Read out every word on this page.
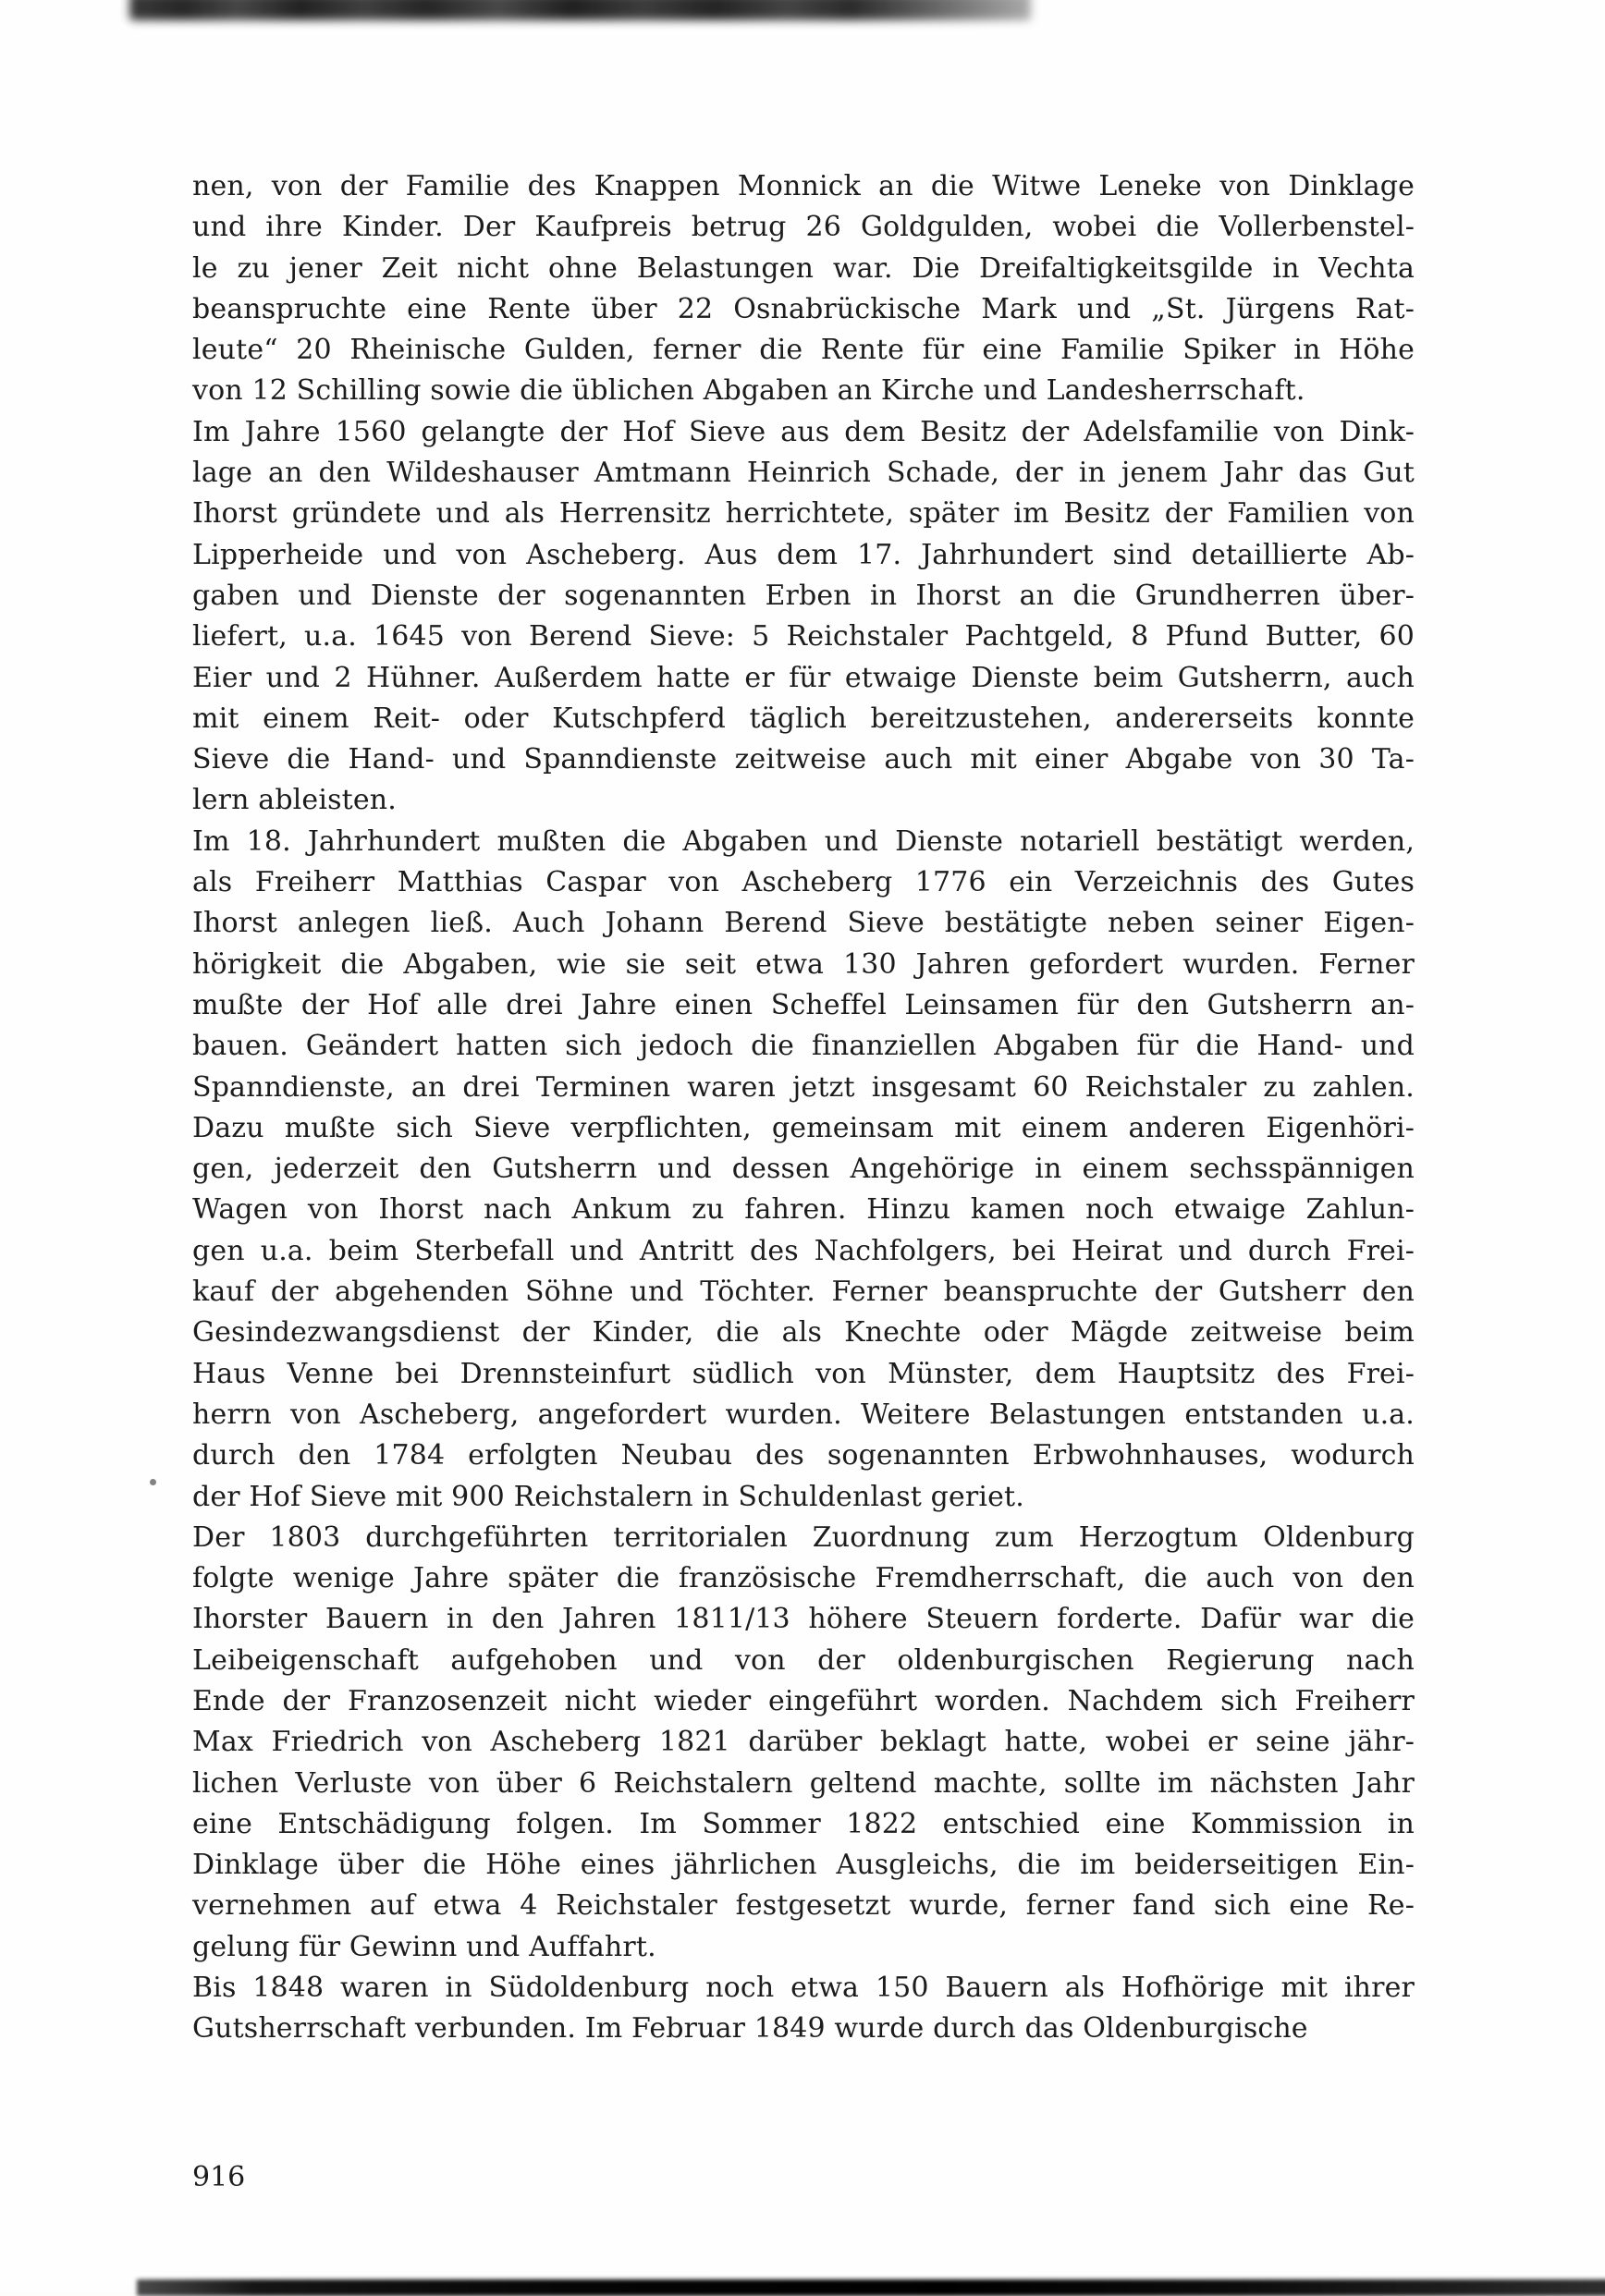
nen, von der Familie des Knappen Monnick an die Witwe Leneke von Dinklage
und ihre Kinder. Der Kaufpreis betrug 26 Goldgulden, wobei die Vollerbenstel-
le zu jener Zeit nicht ohne Belastungen war. Die Dreifaltigkeitsgilde in Vechta
beanspruchte eine Rente über 22 Osnabrückische Mark und „St. Jürgens Rat-
leute“ 20 Rheinische Gulden, ferner die Rente für eine Familie Spiker in Höhe
von 12 Schilling sowie die üblichen Abgaben an Kirche und Landesherrschaft.
Im Jahre 1560 gelangte der Hof Sieve aus dem Besitz der Adelsfamilie von Dink-
lage an den Wildeshauser Amtmann Heinrich Schade, der in jenem Jahr das Gut
Ihorst gründete und als Herrensitz herrichtete, später im Besitz der Familien von
Lipperheide und von Ascheberg. Aus dem 17. Jahrhundert sind detaillierte Ab-
gaben und Dienste der sogenannten Erben in Ihorst an die Grundherren über-
liefert, u.a. 1645 von Berend Sieve: 5 Reichstaler Pachtgeld, 8 Pfund Butter, 60
Eier und 2 Hühner. Außerdem hatte er für etwaige Dienste beim Gutsherrn, auch
mit einem Reit- oder Kutschpferd täglich bereitzustehen, andererseits konnte
Sieve die Hand- und Spanndienste zeitweise auch mit einer Abgabe von 30 Ta-
lern ableisten.
Im 18. Jahrhundert mußten die Abgaben und Dienste notariell bestätigt werden,
als Freiherr Matthias Caspar von Ascheberg 1776 ein Verzeichnis des Gutes
Ihorst anlegen ließ. Auch Johann Berend Sieve bestätigte neben seiner Eigen-
hörigkeit die Abgaben, wie sie seit etwa 130 Jahren gefordert wurden. Ferner
mußte der Hof alle drei Jahre einen Scheffel Leinsamen für den Gutsherrn an-
bauen. Geändert hatten sich jedoch die finanziellen Abgaben für die Hand- und
Spanndienste, an drei Terminen waren jetzt insgesamt 60 Reichstaler zu zahlen.
Dazu mußte sich Sieve verpflichten, gemeinsam mit einem anderen Eigenhöri-
gen, jederzeit den Gutsherrn und dessen Angehörige in einem sechsspännigen
Wagen von Ihorst nach Ankum zu fahren. Hinzu kamen noch etwaige Zahlun-
gen u.a. beim Sterbefall und Antritt des Nachfolgers, bei Heirat und durch Frei-
kauf der abgehenden Söhne und Töchter. Ferner beanspruchte der Gutsherr den
Gesindezwangsdienst der Kinder, die als Knechte oder Mägde zeitweise beim
Haus Venne bei Drennsteinfurt südlich von Münster, dem Hauptsitz des Frei-
herrn von Ascheberg, angefordert wurden. Weitere Belastungen entstanden u.a.
durch den 1784 erfolgten Neubau des sogenannten Erbwohnhauses, wodurch
der Hof Sieve mit 900 Reichstalern in Schuldenlast geriet.
Der 1803 durchgeführten territorialen Zuordnung zum Herzogtum Oldenburg
folgte wenige Jahre später die französische Fremdherrschaft, die auch von den
Ihorster Bauern in den Jahren 1811/13 höhere Steuern forderte. Dafür war die
Leibeigenschaft aufgehoben und von der oldenburgischen Regierung nach
Ende der Franzosenzeit nicht wieder eingeführt worden. Nachdem sich Freiherr
Max Friedrich von Ascheberg 1821 darüber beklagt hatte, wobei er seine jähr-
lichen Verluste von über 6 Reichstalern geltend machte, sollte im nächsten Jahr
eine Entschädigung folgen. Im Sommer 1822 entschied eine Kommission in
Dinklage über die Höhe eines jährlichen Ausgleichs, die im beiderseitigen Ein-
vernehmen auf etwa 4 Reichstaler festgesetzt wurde, ferner fand sich eine Re-
gelung für Gewinn und Auffahrt.
Bis 1848 waren in Südoldenburg noch etwa 150 Bauern als Hofhörige mit ihrer
Gutsherrschaft verbunden. Im Februar 1849 wurde durch das Oldenburgische
916
